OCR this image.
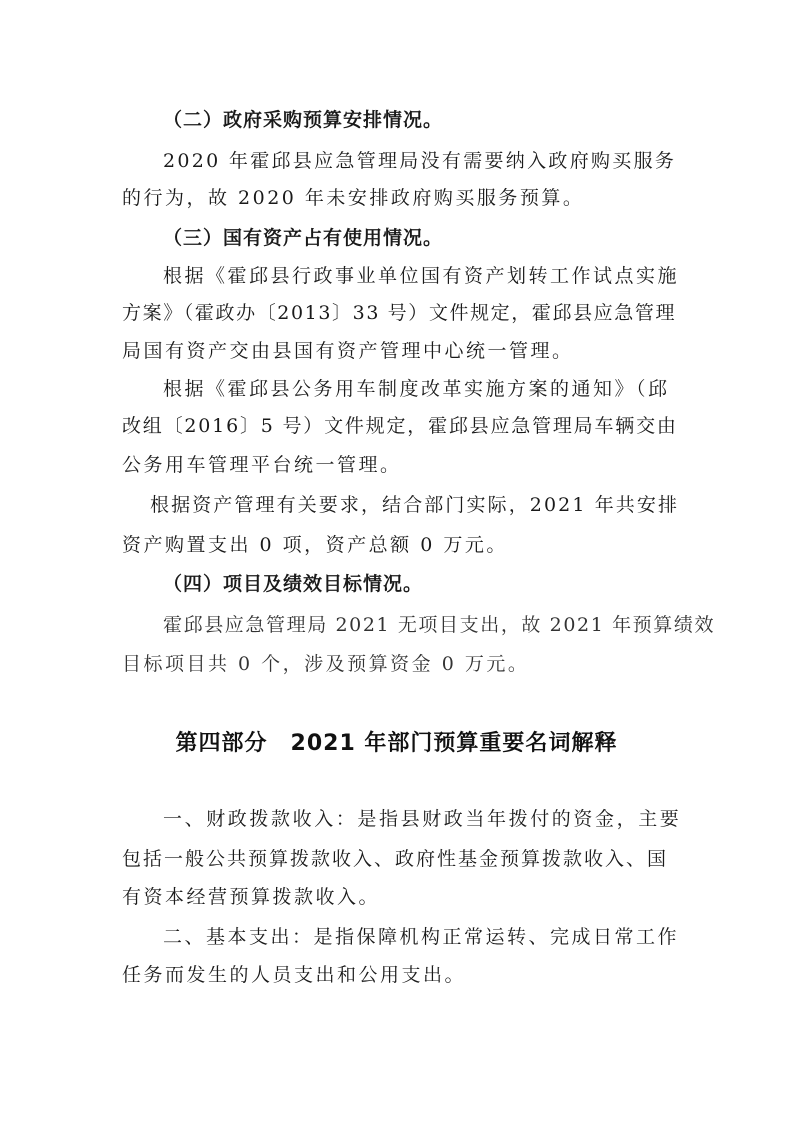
（二）政府采购预算安排情况。
2020 年霍邱县应急管理局没有需要纳入政府购买服务
的行为，故 2020 年未安排政府购买服务预算。
（三）国有资产占有使用情况。
根据《霍邱县行政事业单位国有资产划转工作试点实施
方案》（霍政办〔2013〕33 号）文件规定，霍邱县应急管理
局国有资产交由县国有资产管理中心统一管理。
根据《霍邱县公务用车制度改革实施方案的通知》（邱
改组〔2016〕5 号）文件规定，霍邱县应急管理局车辆交由
公务用车管理平台统一管理。
根据资产管理有关要求，结合部门实际，2021 年共安排
资产购置支出 0 项，资产总额 0 万元。
（四）项目及绩效目标情况。
霍邱县应急管理局 2021 无项目支出，故 2021 年预算绩效
目标项目共 0 个，涉及预算资金 0 万元。
第四部分　2021 年部门预算重要名词解释
一、财政拨款收入：是指县财政当年拨付的资金，主要
包括一般公共预算拨款收入、政府性基金预算拨款收入、国
有资本经营预算拨款收入。
二、基本支出：是指保障机构正常运转、完成日常工作
任务而发生的人员支出和公用支出。
